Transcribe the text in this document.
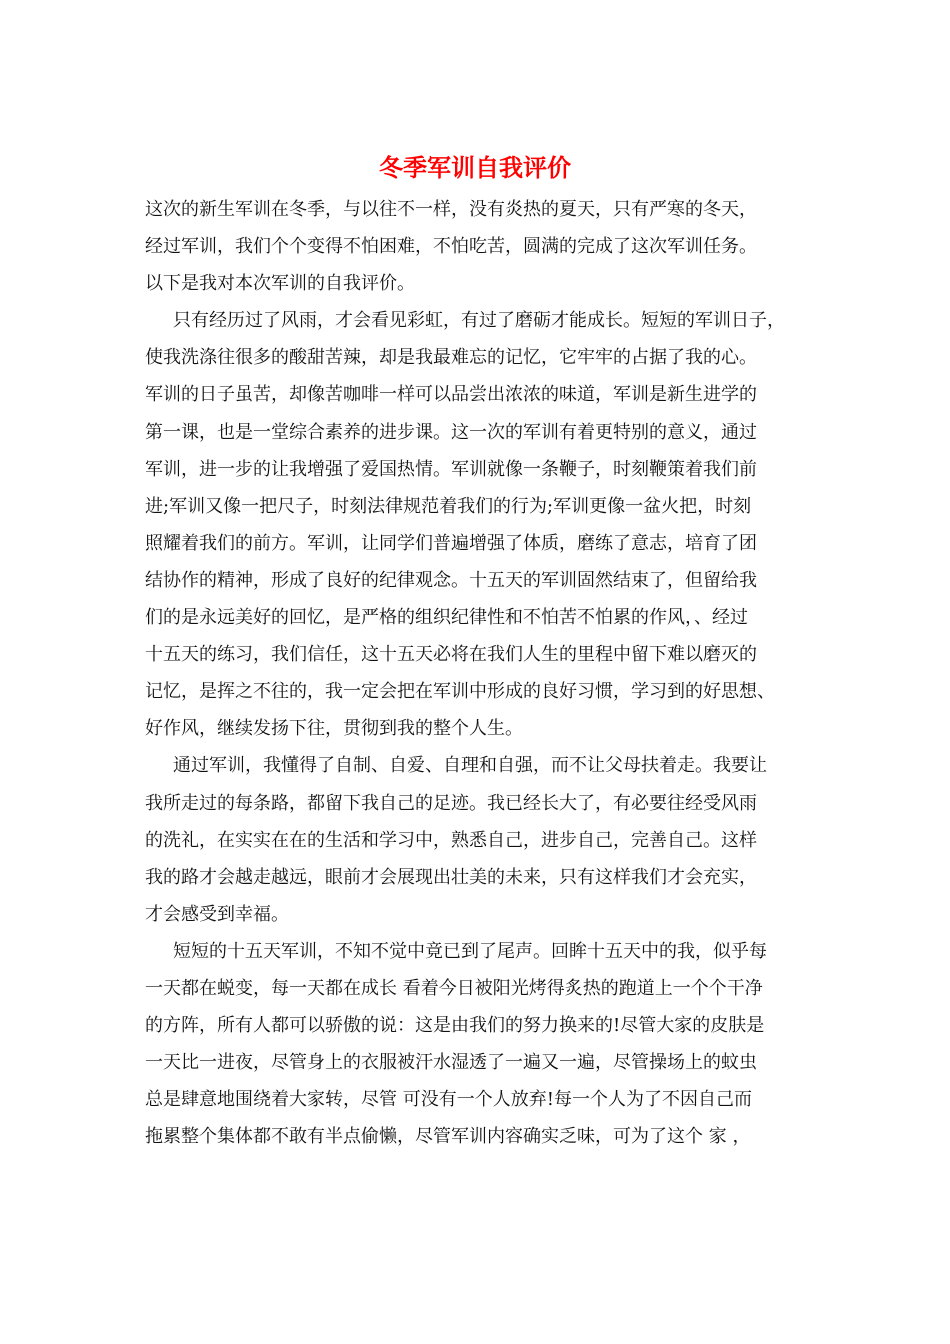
冬季军训自我评价
这次的新生军训在冬季，与以往不一样，没有炎热的夏天，只有严寒的冬天，
经过军训，我们个个变得不怕困难，不怕吃苦，圆满的完成了这次军训任务。
以下是我对本次军训的自我评价。
只有经历过了风雨，才会看见彩虹，有过了磨砺才能成长。短短的军训日子，
使我洗涤往很多的酸甜苦辣，却是我最难忘的记忆，它牢牢的占据了我的心。
军训的日子虽苦，却像苦咖啡一样可以品尝出浓浓的味道，军训是新生进学的
第一课，也是一堂综合素养的进步课。这一次的军训有着更特别的意义，通过
军训，进一步的让我增强了爱国热情。军训就像一条鞭子，时刻鞭策着我们前
进;军训又像一把尺子，时刻法律规范着我们的行为;军训更像一盆火把，时刻
照耀着我们的前方。军训，让同学们普遍增强了体质，磨练了意志，培育了团
结协作的精神，形成了良好的纪律观念。十五天的军训固然结束了，但留给我
们的是永远美好的回忆，是严格的组织纪律性和不怕苦不怕累的作风，、经过
十五天的练习，我们信任，这十五天必将在我们人生的里程中留下难以磨灭的
记忆，是挥之不往的，我一定会把在军训中形成的良好习惯，学习到的好思想、
好作风，继续发扬下往，贯彻到我的整个人生。
通过军训，我懂得了自制、自爱、自理和自强，而不让父母扶着走。我要让
我所走过的每条路，都留下我自己的足迹。我已经长大了，有必要往经受风雨
的洗礼，在实实在在的生活和学习中，熟悉自己，进步自己，完善自己。这样
我的路才会越走越远，眼前才会展现出壮美的未来，只有这样我们才会充实，
才会感受到幸福。
短短的十五天军训，不知不觉中竟已到了尾声。回眸十五天中的我，似乎每
一天都在蜕变，每一天都在成长 看着今日被阳光烤得炙热的跑道上一个个干净
的方阵，所有人都可以骄傲的说：这是由我们的努力换来的!尽管大家的皮肤是
一天比一进夜，尽管身上的衣服被汗水湿透了一遍又一遍，尽管操场上的蚊虫
总是肆意地围绕着大家转，尽管 可没有一个人放弃!每一个人为了不因自己而
拖累整个集体都不敢有半点偷懒，尽管军训内容确实乏味，可为了这个 家 ，
